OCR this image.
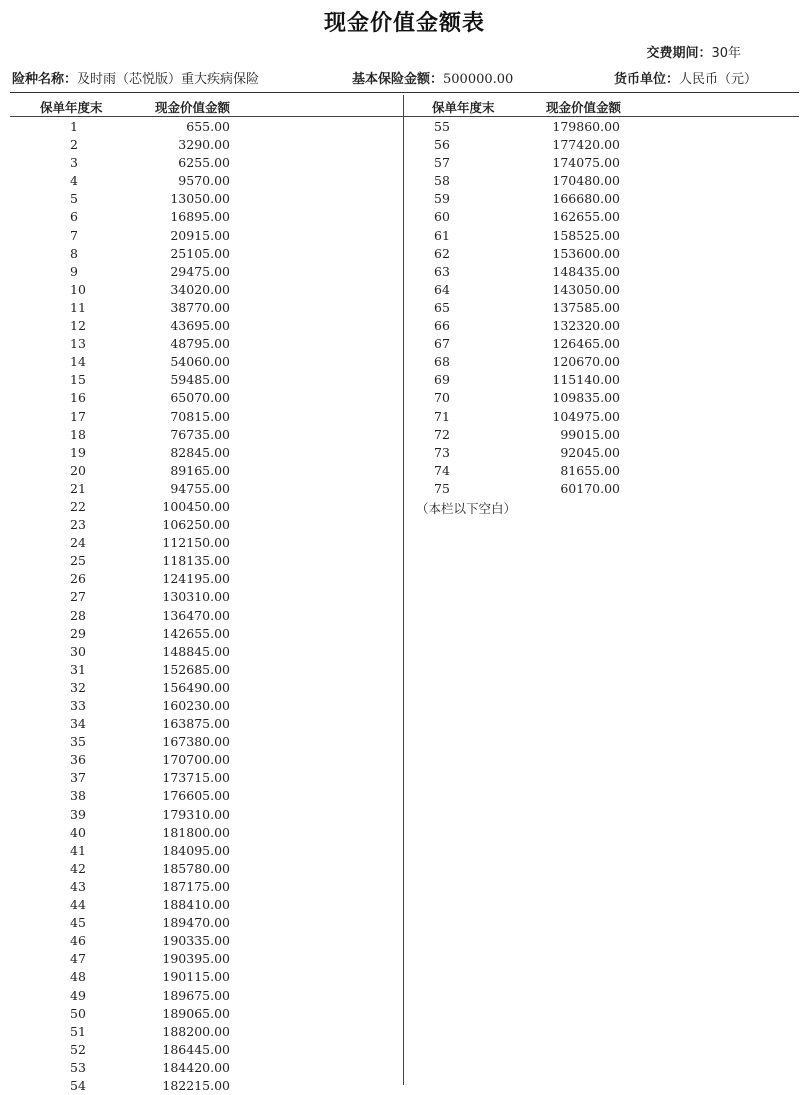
现金价值金额表
交费期间：30年
险种名称：及时雨（芯悦版）重大疾病保险	基本保险金额：500000.00	货币单位：人民币（元）
保单年度末	现金价值金额	保单年度末	现金价值金额
1	655.00
2	3290.00
3	6255.00
4	9570.00
5	13050.00
6	16895.00
7	20915.00
8	25105.00
9	29475.00
10	34020.00
11	38770.00
12	43695.00
13	48795.00
14	54060.00
15	59485.00
16	65070.00
17	70815.00
18	76735.00
19	82845.00
20	89165.00
21	94755.00
22	100450.00
23	106250.00
24	112150.00
25	118135.00
26	124195.00
27	130310.00
28	136470.00
29	142655.00
30	148845.00
31	152685.00
32	156490.00
33	160230.00
34	163875.00
35	167380.00
36	170700.00
37	173715.00
38	176605.00
39	179310.00
40	181800.00
41	184095.00
42	185780.00
43	187175.00
44	188410.00
45	189470.00
46	190335.00
47	190395.00
48	190115.00
49	189675.00
50	189065.00
51	188200.00
52	186445.00
53	184420.00
54	182215.00
55	179860.00
56	177420.00
57	174075.00
58	170480.00
59	166680.00
60	162655.00
61	158525.00
62	153600.00
63	148435.00
64	143050.00
65	137585.00
66	132320.00
67	126465.00
68	120670.00
69	115140.00
70	109835.00
71	104975.00
72	99015.00
73	92045.00
74	81655.00
75	60170.00
（本栏以下空白）
